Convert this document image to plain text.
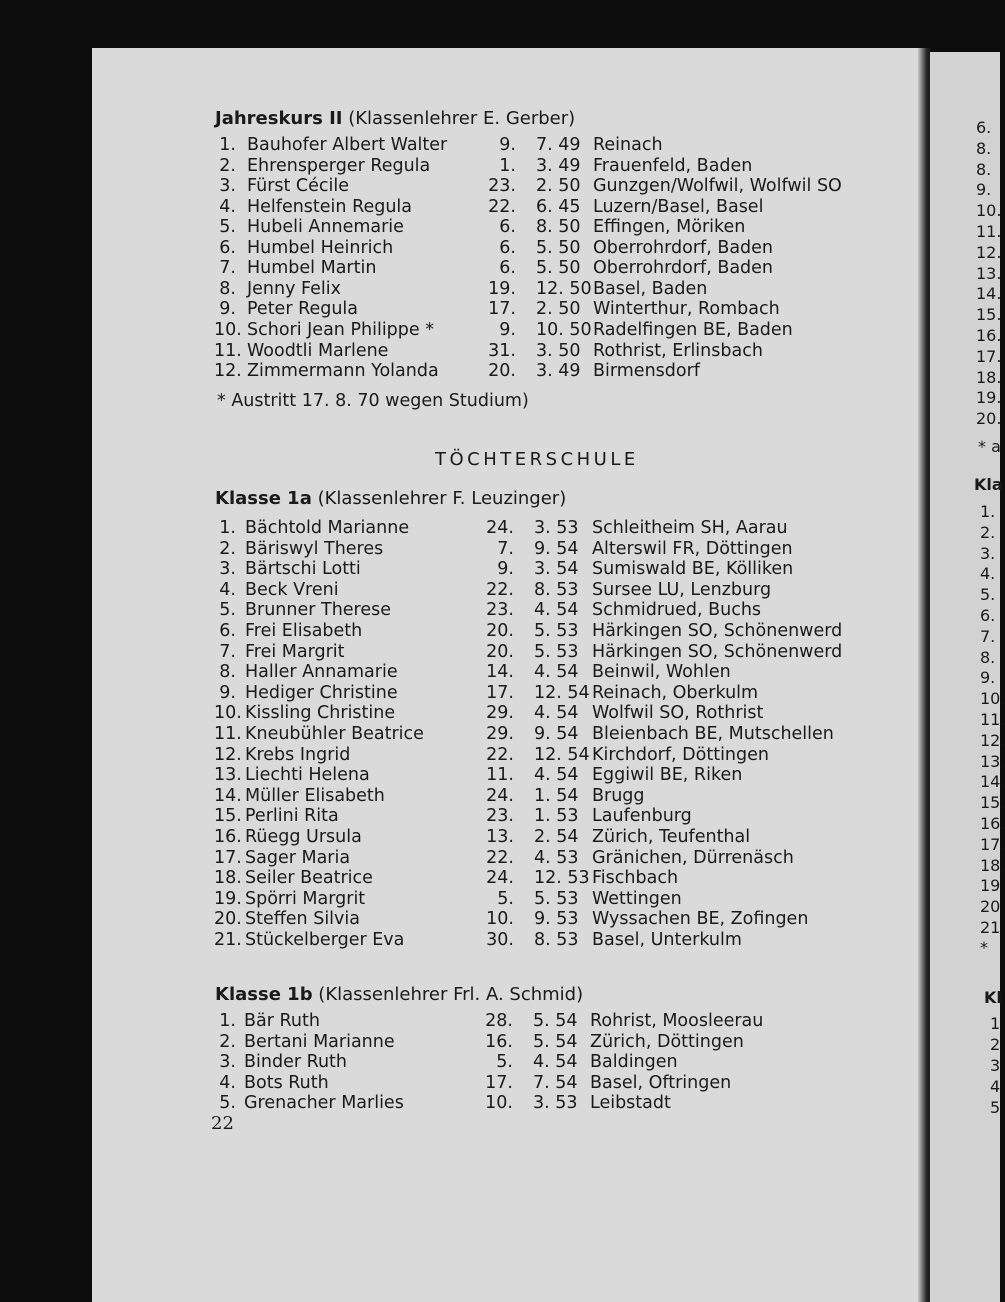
6.
8.
8.
9.
10.
11.
12.
13.
14.
15.
16.
17.
18.
19.
20.
* a
Kla
1.
2.
3.
4.
5.
6.
7.
8.
9.
10.
11.
12.
13.
14.
15.
16.
17.
18.
19
20
21
*
Kl
1
2
3
4
5
Jahreskurs II (Klassenlehrer E. Gerber)
1. Bauhofer Albert Walter	9. 7. 49 Reinach
2. Ehrensperger Regula	1. 3. 49 Frauenfeld, Baden
3. Fürst Cécile	23. 2. 50 Gunzgen/Wolfwil, Wolfwil SO
4. Helfenstein Regula	22. 6. 45 Luzern/Basel, Basel
5. Hubeli Annemarie	6. 8. 50 Effingen, Möriken
6. Humbel Heinrich	6. 5. 50 Oberrohrdorf, Baden
7. Humbel Martin	6. 5. 50 Oberrohrdorf, Baden
8. Jenny Felix	19. 12. 50 Basel, Baden
9. Peter Regula	17. 2. 50 Winterthur, Rombach
10. Schori Jean Philippe *	9. 10. 50 Radelfingen BE, Baden
11. Woodtli Marlene	31. 3. 50 Rothrist, Erlinsbach
12. Zimmermann Yolanda	20. 3. 49 Birmensdorf
* Austritt 17. 8. 70 wegen Studium)
TÖCHTERSCHULE
Klasse 1a (Klassenlehrer F. Leuzinger)
1. Bächtold Marianne	24. 3. 53 Schleitheim SH, Aarau
2. Bäriswyl Theres	7. 9. 54 Alterswil FR, Döttingen
3. Bärtschi Lotti	9. 3. 54 Sumiswald BE, Kölliken
4. Beck Vreni	22. 8. 53 Sursee LU, Lenzburg
5. Brunner Therese	23. 4. 54 Schmidrued, Buchs
6. Frei Elisabeth	20. 5. 53 Härkingen SO, Schönenwerd
7. Frei Margrit	20. 5. 53 Härkingen SO, Schönenwerd
8. Haller Annamarie	14. 4. 54 Beinwil, Wohlen
9. Hediger Christine	17. 12. 54 Reinach, Oberkulm
10. Kissling Christine	29. 4. 54 Wolfwil SO, Rothrist
11. Kneubühler Beatrice	29. 9. 54 Bleienbach BE, Mutschellen
12. Krebs Ingrid	22. 12. 54 Kirchdorf, Döttingen
13. Liechti Helena	11. 4. 54 Eggiwil BE, Riken
14. Müller Elisabeth	24. 1. 54 Brugg
15. Perlini Rita	23. 1. 53 Laufenburg
16. Rüegg Ursula	13. 2. 54 Zürich, Teufenthal
17. Sager Maria	22. 4. 53 Gränichen, Dürrenäsch
18. Seiler Beatrice	24. 12. 53 Fischbach
19. Spörri Margrit	5. 5. 53 Wettingen
20. Steffen Silvia	10. 9. 53 Wyssachen BE, Zofingen
21. Stückelberger Eva	30. 8. 53 Basel, Unterkulm
Klasse 1b (Klassenlehrer Frl. A. Schmid)
1. Bär Ruth	28. 5. 54 Rohrist, Moosleerau
2. Bertani Marianne	16. 5. 54 Zürich, Döttingen
3. Binder Ruth	5. 4. 54 Baldingen
4. Bots Ruth	17. 7. 54 Basel, Oftringen
5. Grenacher Marlies	10. 3. 53 Leibstadt
22
